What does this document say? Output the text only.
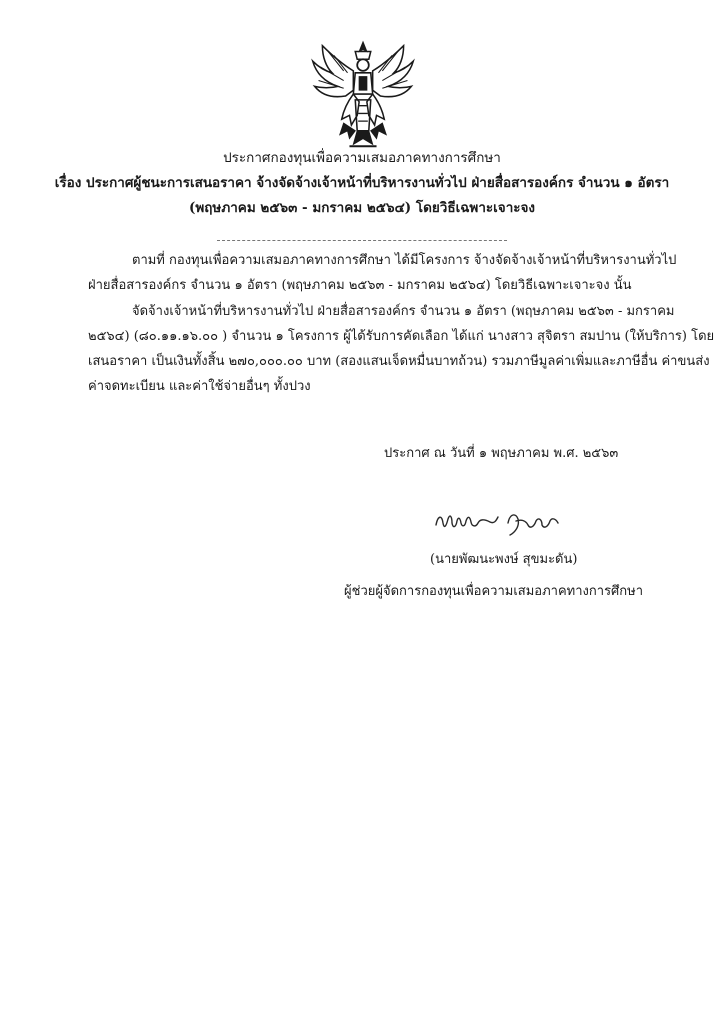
ประกาศกองทุนเพื่อความเสมอภาคทางการศึกษา
เรื่อง ประกาศผู้ชนะการเสนอราคา จ้างจัดจ้างเจ้าหน้าที่บริหารงานทั่วไป ฝ่ายสื่อสารองค์กร จำนวน ๑ อัตรา
(พฤษภาคม ๒๕๖๓ - มกราคม ๒๕๖๔) โดยวิธีเฉพาะเจาะจง
ตามที่ กองทุนเพื่อความเสมอภาคทางการศึกษา ได้มีโครงการ จ้างจัดจ้างเจ้าหน้าที่บริหารงานทั่วไป
ฝ่ายสื่อสารองค์กร จำนวน ๑ อัตรา (พฤษภาคม ๒๕๖๓ - มกราคม ๒๕๖๔) โดยวิธีเฉพาะเจาะจง นั้น
จัดจ้างเจ้าหน้าที่บริหารงานทั่วไป ฝ่ายสื่อสารองค์กร จำนวน ๑ อัตรา (พฤษภาคม ๒๕๖๓ - มกราคม
๒๕๖๔) (๘๐.๑๑.๑๖.๐๐ ) จำนวน ๑ โครงการ ผู้ได้รับการคัดเลือก ได้แก่ นางสาว สุจิตรา สมปาน (ให้บริการ) โดย
เสนอราคา เป็นเงินทั้งสิ้น ๒๗๐,๐๐๐.๐๐ บาท (สองแสนเจ็ดหมื่นบาทถ้วน) รวมภาษีมูลค่าเพิ่มและภาษีอื่น ค่าขนส่ง
ค่าจดทะเบียน และค่าใช้จ่ายอื่นๆ ทั้งปวง
ประกาศ ณ วันที่ ๑ พฤษภาคม พ.ศ. ๒๕๖๓
(นายพัฒนะพงษ์ สุขมะดัน)
ผู้ช่วยผู้จัดการกองทุนเพื่อความเสมอภาคทางการศึกษา
